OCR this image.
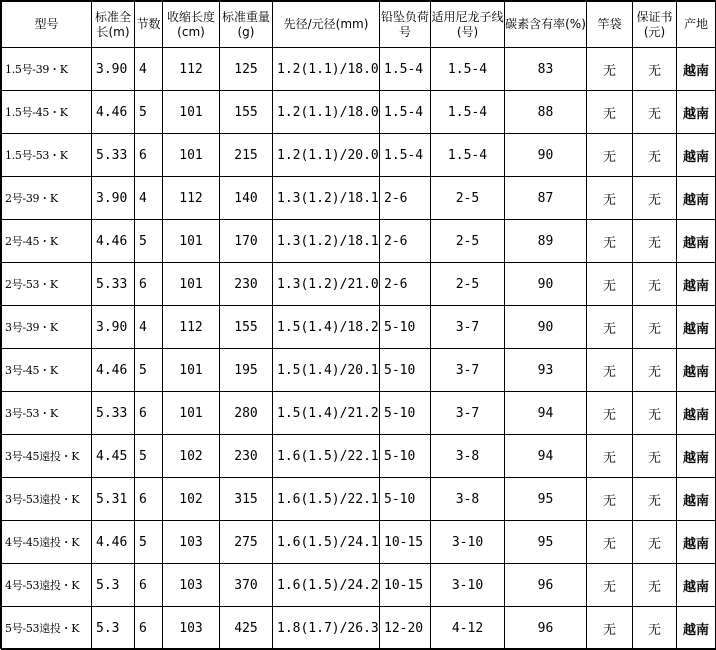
型号	标准全长(m)	节数	收缩长度(cm)	标准重量(g)	先径/元径(mm)	铅坠负荷号	适用尼龙子线(号)	碳素含有率(%)	竿袋	保证书(元)	产地
1.5号-39・K	3.90	4	112	125	1.2(1.1)/18.0	1.5-4	1.5-4	83	无	无	越南
1.5号-45・K	4.46	5	101	155	1.2(1.1)/18.0	1.5-4	1.5-4	88	无	无	越南
1.5号-53・K	5.33	6	101	215	1.2(1.1)/20.0	1.5-4	1.5-4	90	无	无	越南
2号-39・K	3.90	4	112	140	1.3(1.2)/18.1	2-6	2-5	87	无	无	越南
2号-45・K	4.46	5	101	170	1.3(1.2)/18.1	2-6	2-5	89	无	无	越南
2号-53・K	5.33	6	101	230	1.3(1.2)/21.0	2-6	2-5	90	无	无	越南
3号-39・K	3.90	4	112	155	1.5(1.4)/18.2	5-10	3-7	90	无	无	越南
3号-45・K	4.46	5	101	195	1.5(1.4)/20.1	5-10	3-7	93	无	无	越南
3号-53・K	5.33	6	101	280	1.5(1.4)/21.2	5-10	3-7	94	无	无	越南
3号-45遠投・K	4.45	5	102	230	1.6(1.5)/22.1	5-10	3-8	94	无	无	越南
3号-53遠投・K	5.31	6	102	315	1.6(1.5)/22.1	5-10	3-8	95	无	无	越南
4号-45遠投・K	4.46	5	103	275	1.6(1.5)/24.1	10-15	3-10	95	无	无	越南
4号-53遠投・K	5.3	6	103	370	1.6(1.5)/24.2	10-15	3-10	96	无	无	越南
5号-53遠投・K	5.3	6	103	425	1.8(1.7)/26.3	12-20	4-12	96	无	无	越南
